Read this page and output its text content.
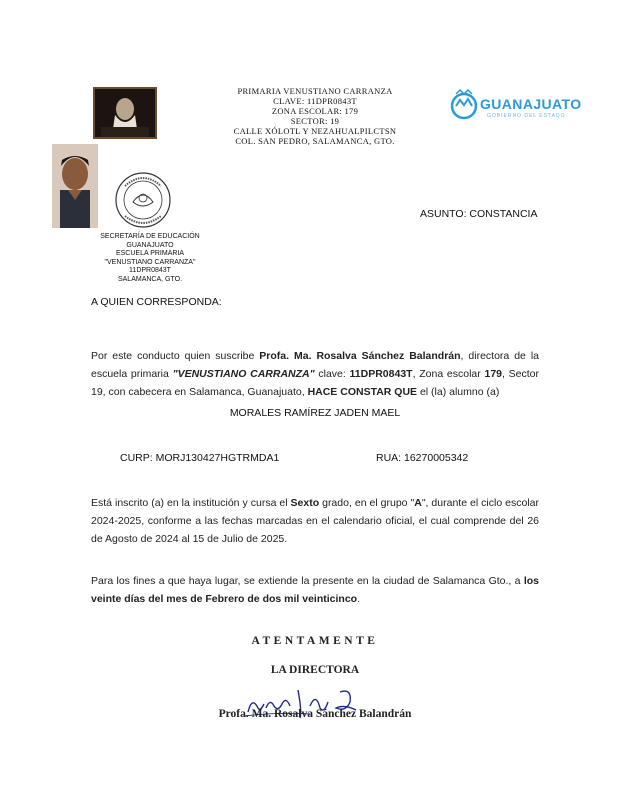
PRIMARIA VENUSTIANO CARRANZA
CLAVE: 11DPR0843T
ZONA ESCOLAR: 179
SECTOR: 19
CALLE XÓLOTL Y NEZAHUALPILCTSN
COL. SAN PEDRO, SALAMANCA, GTO.
SECRETARÍA DE EDUCACIÓN
GUANAJUATO
ESCUELA PRIMARIA
"VENUSTIANO CARRANZA"
11DPR0843T
SALAMANCA, GTO.
GUANAJUATO
GOBIERNO DEL ESTADO
ASUNTO: CONSTANCIA
A QUIEN CORRESPONDA:
Por este conducto quien suscribe Profa. Ma. Rosalva Sánchez Balandrán, directora de la escuela primaria "VENUSTIANO CARRANZA" clave: 11DPR0843T, Zona escolar 179, Sector 19, con cabecera en Salamanca, Guanajuato, HACE CONSTAR QUE el (la) alumno (a)
MORALES RAMÍREZ JADEN MAEL
CURP: MORJ130427HGTRMDA1	RUA: 16270005342
Está inscrito (a) en la institución y cursa el Sexto grado, en el grupo "A", durante el ciclo escolar 2024-2025, conforme a las fechas marcadas en el calendario oficial, el cual comprende del 26 de Agosto de 2024 al 15 de Julio de 2025.
Para los fines a que haya lugar, se extiende la presente en la ciudad de Salamanca Gto., a los veinte días del mes de Febrero de dos mil veinticinco.
ATENTAMENTE
LA DIRECTORA
Profa. Ma. Rosalva Sánchez Balandrán
